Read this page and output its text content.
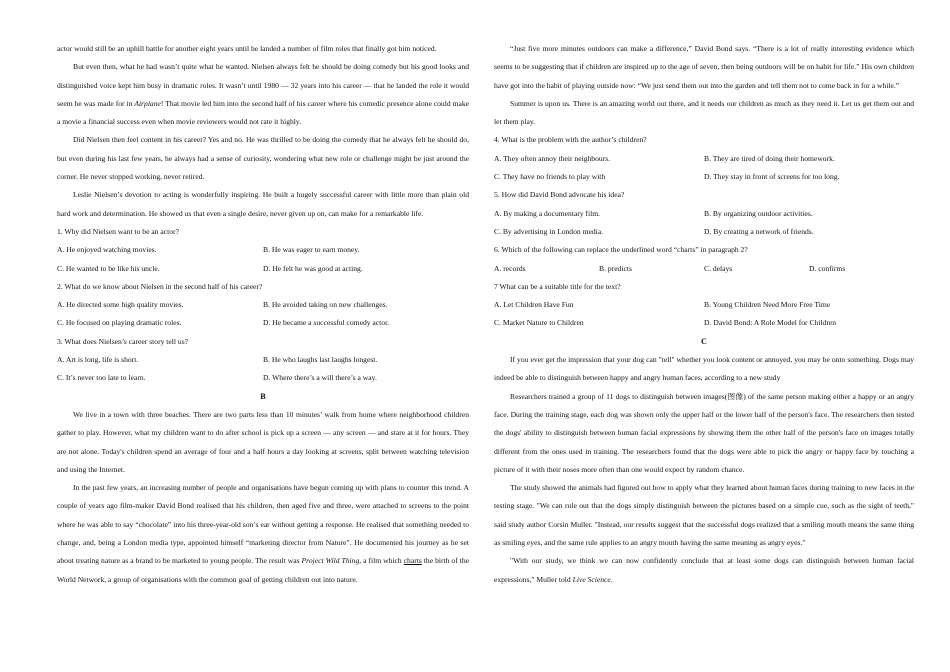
actor would still be an uphill battle for another eight years until he landed a number of film roles that finally got him noticed.

But even then, what he had wasn’t quite what he wanted. Nielsen always felt he should be doing comedy but his good looks and distinguished voice kept him busy in dramatic roles. It wasn’t until 1980 — 32 years into his career — that he landed the role it would seem he was made for in Airplane! That movie led him into the second half of his career where his comedic presence alone could make a movie a financial success even when movie reviewers would not rate it highly.

Did Nielsen then feel content in his career? Yes and no. He was thrilled to be doing the comedy that he always felt he should do, but even during his last few years, he always had a sense of curiosity, wondering what new role or challenge might be just around the corner. He never stopped working, never retired.

Leslie Nielsen’s devotion to acting is wonderfully inspiring. He built a hugely successful career with little more than plain old hard work and determination. He showed us that even a single desire, never given up on, can make for a remarkable life.

1. Why did Nielsen want to be an actor?
A. He enjoyed watching movies.	B. He was eager to earn money.
C. He wanted to be like his uncle.	D. He felt he was good at acting.
2. What do we know about Nielsen in the second half of his career?
A. He directed some high quality movies.	B. He avoided taking on new challenges.
C. He focused on playing dramatic roles.	D. He became a successful comedy actor.
3. What does Nielsen’s career story tell us?
A. Art is long, life is short.	B. He who laughs last laughs longest.
C. It’s never too late to learn.	D. Where there’s a will there’s a way.
B

We live in a town with three beaches. There are two parts less than 10 minutes’ walk from home where neighborhood children gather to play. However, what my children want to do after school is pick up a screen — any screen — and stare at it for hours. They are not alone. Today's children spend an average of four and a half hours a day looking at screens, split between watching television and using the Internet.

In the past few years, an increasing number of people and organisations have begun coming up with plans to counter this trend. A couple of years ago film-maker David Bond realised that his children, then aged five and three, were attached to screens to the point where he was able to say “chocolate” into his three-year-old son’s ear without getting a response. He realised that something needed to change, and, being a London media type, appointed himself “marketing director from Nature”. He documented his journey as he set about treating nature as a brand to be marketed to young people. The result was Project Wild Thing, a film which charts the birth of the World Network, a group of organisations with the common goal of getting children out into nature.

“Just five more minutes outdoors can make a difference,” David Bond says. “There is a lot of really interesting evidence which seems to be suggesting that if children are inspired up to the age of seven, then being outdoors will be on habit for life.” His own children have got into the habit of playing outside now: “We just send them out into the garden and tell them not to come back in for a while.”

Summer is upon us. There is an amazing world out there, and it needs our children as much as they need it. Let us get them out and let them play.

4. What is the problem with the author’s children?
A. They often annoy their neighbours.	B. They are tired of doing their homework.
C. They have no friends to play with	D. They stay in front of screens for too long.
5. How did David Bond advocate his idea?
A. By making a documentary film.	B. By organizing outdoor activities.
C. By advertising in London media.	D. By creating a network of friends.
6. Which of the following can replace the underlined word “charts” in paragraph 2?
A. records	B. predicts	C. delays	D. confirms
7 What can be a suitable title for the text?
A. Let Children Have Fun	B. Young Children Need More Free Time
C. Market Nature to Children	D. David Bond: A Role Model for Children
C

If you ever get the impression that your dog can "tell" whether you look content or annoyed, you may be onto something. Dogs may indeed be able to distinguish between happy and angry human faces, according to a new study

Researchers trained a group of 11 dogs to distinguish between images(图像) of the same person making either a happy or an angry face. During the training stage, each dog was shown only the upper half or the lower half of the person's face. The researchers then tested the dogs' ability to distinguish between human facial expressions by showing them the other half of the person's face on images totally different from the ones used in training. The researchers found that the dogs were able to pick the angry or happy face by touching a picture of it with their noses more often than one would expect by random chance.

The study showed the animals had figured out how to apply what they learned about human faces during training to new faces in the testing stage. "We can rule out that the dogs simply distinguish between the pictures based on a simple cue, such as the sight of teeth," said study author Corsin Muller. "Instead, our results suggest that the successful dogs realized that a smiling mouth means the same thing as smiling eyes, and the same rule applies to an angry mouth having the same meaning as angry eyes."

"With our study, we think we can now confidently conclude that at least some dogs can distinguish between human facial expressions," Muller told Live Science.
